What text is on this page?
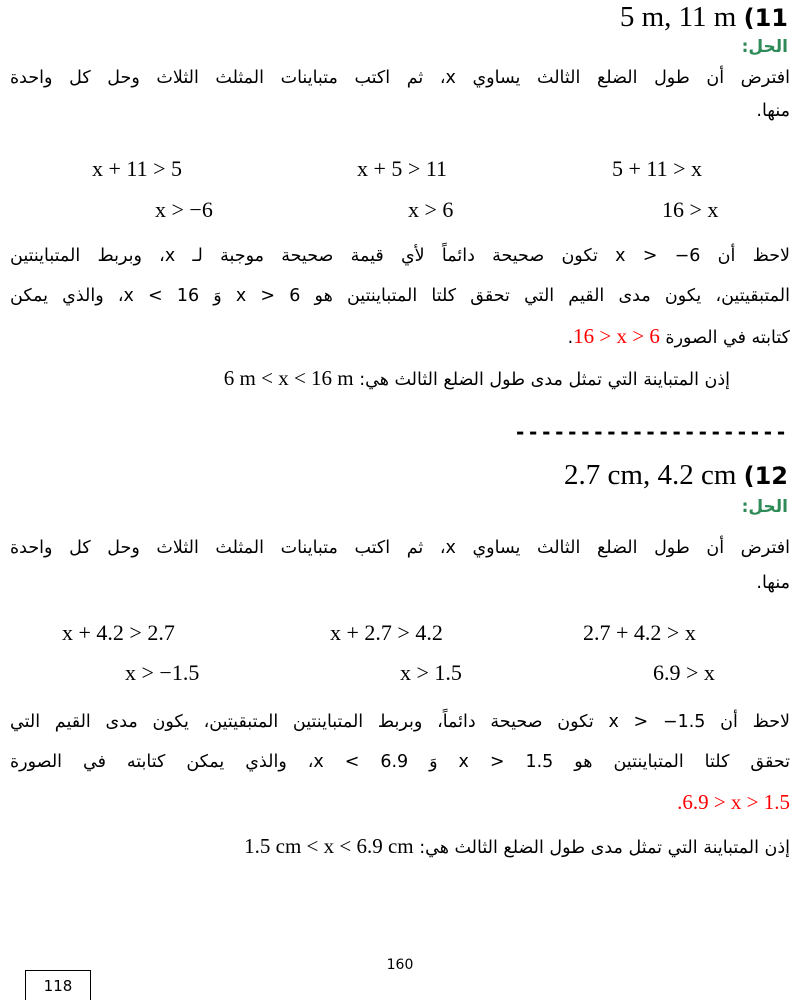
5 m, 11 m (11
الحل:
افترض أن طول الضلع الثالث يساوي x، ثم اكتب متباينات المثلث الثلاث وحل كل واحدة
منها.
x + 11 > 5	x + 5 > 11	5 + 11 > x
x > −6	x > 6	16 > x
لاحظ أن 6− < x تكون صحيحة دائماً لأي قيمة صحيحة موجبة لـ x، وبربط المتباينتين
المتبقيتين، يكون مدى القيم التي تحقق كلتا المتباينتين هو 6 < x وَ x < 16، والذي يمكن
كتابته في الصورة 16 > x > 6.
إذن المتباينة التي تمثل مدى طول الضلع الثالث هي: 6 m < x < 16 m
---------------------
2.7 cm, 4.2 cm (12
الحل:
افترض أن طول الضلع الثالث يساوي x، ثم اكتب متباينات المثلث الثلاث وحل كل واحدة
منها.
x + 4.2 > 2.7	x + 2.7 > 4.2	2.7 + 4.2 > x
x > −1.5	x > 1.5	6.9 > x
لاحظ أن 1.5− < x تكون صحيحة دائماً، وبربط المتباينتين المتبقيتين، يكون مدى القيم التي
تحقق كلتا المتباينتين هو 1.5 < x وَ x < 6.9، والذي يمكن كتابته في الصورة
.6.9 > x > 1.5
إذن المتباينة التي تمثل مدى طول الضلع الثالث هي: 1.5 cm < x < 6.9 cm
160
118
